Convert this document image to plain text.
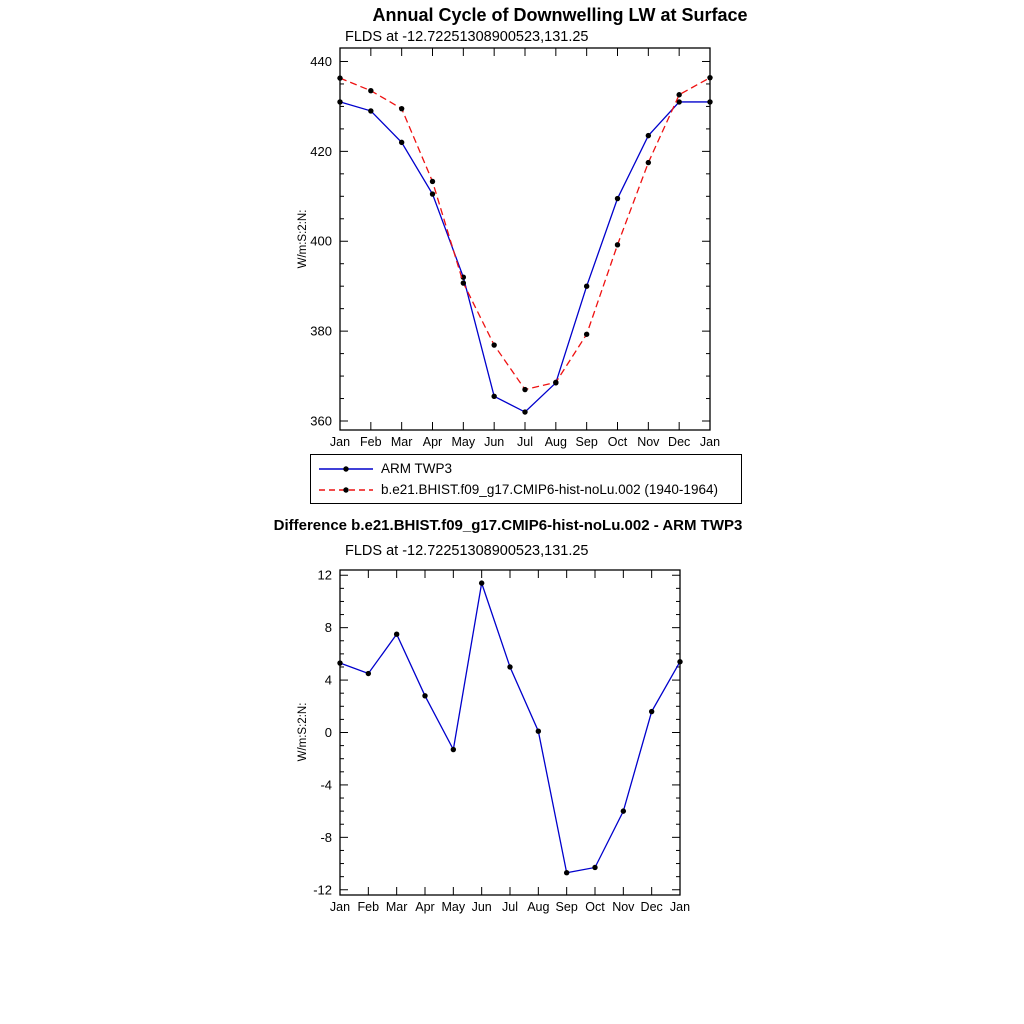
Annual Cycle of Downwelling LW at Surface
FLDS at -12.72251308900523,131.25
W/m:S:2:N:
360
380
400
420
440
Jan Feb Mar Apr May Jun Jul Aug Sep Oct Nov Dec Jan
ARM TWP3
b.e21.BHIST.f09_g17.CMIP6-hist-noLu.002 (1940-1964)
Difference b.e21.BHIST.f09_g17.CMIP6-hist-noLu.002 - ARM TWP3
FLDS at -12.72251308900523,131.25
W/m:S:2:N:
-12
-8
-4
0
4
8
12
Jan Feb Mar Apr May Jun Jul Aug Sep Oct Nov Dec Jan
